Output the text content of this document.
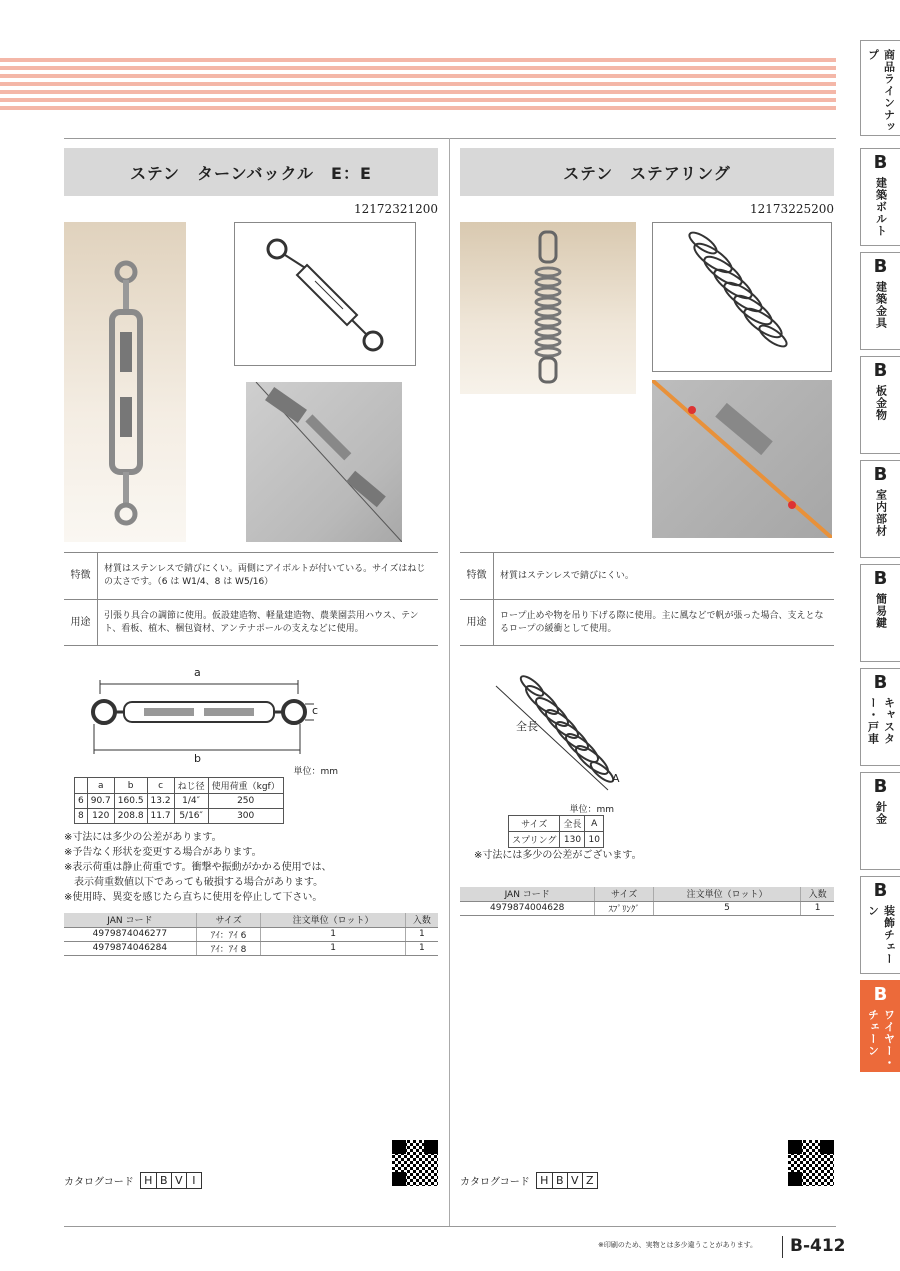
ステン　ターンバックル　E：E
12172321200
特徴
材質はステンレスで錆びにくい。両側にアイボルトが付いている。サイズはねじの太さです。（6 は W1/4、8 は W5/16）
用途
引張り具合の調節に使用。仮設建造物、軽量建造物、農業園芸用ハウス、テント、看板、植木、梱包資材、アンテナポールの支えなどに使用。
a
c
b
単位：mm
	a	b	c	ねじ径	使用荷重（kgf）
6	90.7	160.5	13.2	1/4″	250
8	120	208.8	11.7	5/16″	300
※寸法には多少の公差があります。
※予告なく形状を変更する場合があります。
※表示荷重は静止荷重です。衝撃や振動がかかる使用では、
　表示荷重数値以下であっても破損する場合があります。
※使用時、異変を感じたら直ちに使用を停止して下さい。
JAN コード	サイズ	注文単位（ロット）	入数
4979874046277	ｱｲ：ｱｲ 6	1	1
4979874046284	ｱｲ：ｱｲ 8	1	1
ステン　ステアリング
12173225200
特徴	材質はステンレスで錆びにくい。
用途
ロープ止めや物を吊り下げる際に使用。主に風などで帆が張った場合、支えとなるロープの緩衝として使用。
全長
A
単位：mm
サイズ	全長	A
スプリング	130	10
※寸法には多少の公差がございます。
JAN コード	サイズ	注文単位（ロット）	入数
4979874004628	ｽﾌﾟﾘﾝｸﾞ	5	1
カタログコード H B V I	カタログコード H B V Z
商品ラインナップ
B
建築ボルト
B
建築金具
B
板金物
B
室内部材
B
簡易鍵
B
キャスター・戸車
B
針金
B
装飾チェーン
B
ワイヤー・チェーン
※印刷のため、実物とは多少違うことがあります。 B-412
